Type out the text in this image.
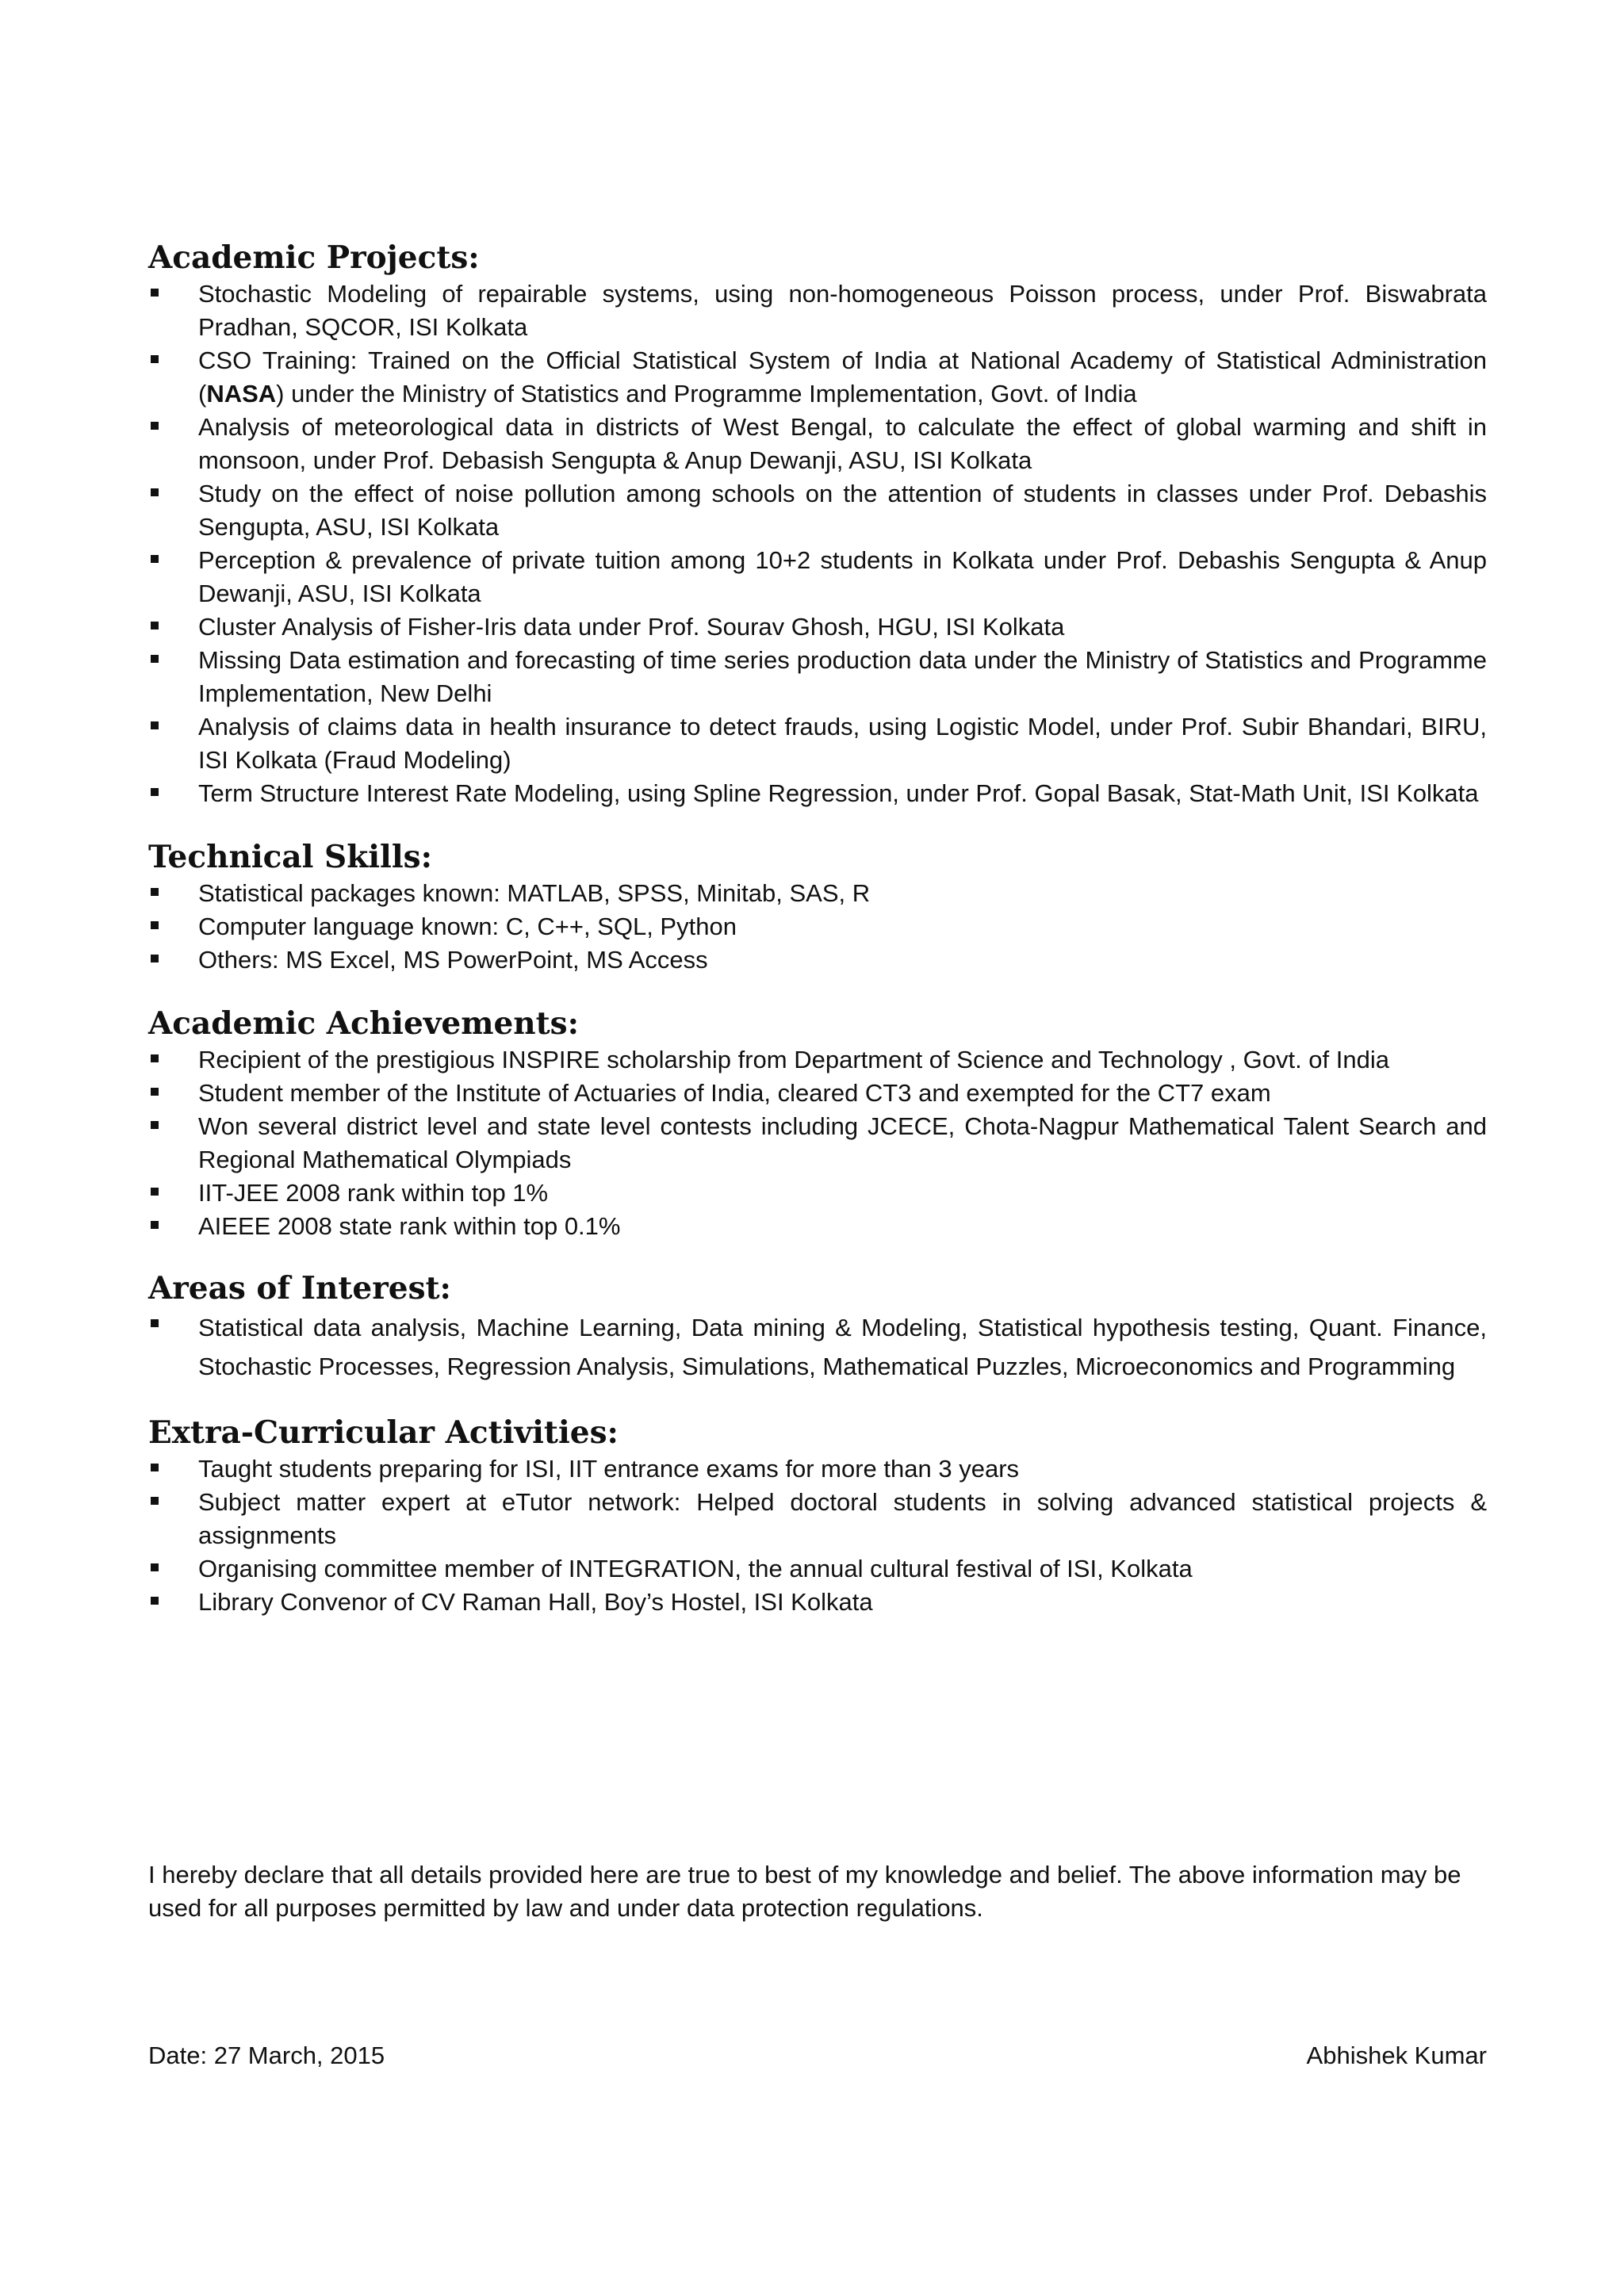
Academic Projects:
Stochastic Modeling of repairable systems, using non-homogeneous Poisson process, under Prof. Biswabrata Pradhan, SQCOR, ISI Kolkata
CSO Training: Trained on the Official Statistical System of India at National Academy of Statistical Administration (NASA) under the Ministry of Statistics and Programme Implementation, Govt. of India
Analysis of meteorological data in districts of West Bengal, to calculate the effect of global warming and shift in monsoon, under Prof. Debasish Sengupta & Anup Dewanji, ASU, ISI Kolkata
Study on the effect of noise pollution among schools on the attention of students in classes under Prof. Debashis Sengupta, ASU, ISI Kolkata
Perception & prevalence of private tuition among 10+2 students in Kolkata under Prof. Debashis Sengupta & Anup Dewanji, ASU, ISI Kolkata
Cluster Analysis of Fisher-Iris data under Prof. Sourav Ghosh, HGU, ISI Kolkata
Missing Data estimation and forecasting of time series production data under the Ministry of Statistics and Programme Implementation, New Delhi
Analysis of claims data in health insurance to detect frauds, using Logistic Model, under Prof. Subir Bhandari, BIRU, ISI Kolkata (Fraud Modeling)
Term Structure Interest Rate Modeling, using Spline Regression, under Prof. Gopal Basak, Stat-Math Unit, ISI Kolkata
Technical Skills:
Statistical packages known: MATLAB, SPSS, Minitab, SAS, R
Computer language known: C, C++, SQL, Python
Others: MS Excel, MS PowerPoint, MS Access
Academic Achievements:
Recipient of the prestigious INSPIRE scholarship from Department of Science and Technology , Govt. of India
Student member of the Institute of Actuaries of India, cleared CT3 and exempted for the CT7 exam
Won several district level and state level contests including JCECE, Chota-Nagpur Mathematical Talent Search and Regional Mathematical Olympiads
IIT-JEE 2008 rank within top 1%
AIEEE 2008 state rank within top 0.1%
Areas of Interest:
Statistical data analysis, Machine Learning, Data mining & Modeling, Statistical hypothesis testing, Quant. Finance, Stochastic Processes, Regression Analysis, Simulations, Mathematical Puzzles, Microeconomics and Programming
Extra-Curricular Activities:
Taught students preparing for ISI, IIT entrance exams for more than 3 years
Subject matter expert at eTutor network: Helped doctoral students in solving advanced statistical projects & assignments
Organising committee member of INTEGRATION, the annual cultural festival of ISI, Kolkata
Library Convenor of CV Raman Hall, Boy’s Hostel, ISI Kolkata

I hereby declare that all details provided here are true to best of my knowledge and belief. The above information may be used for all purposes permitted by law and under data protection regulations.

Date: 27 March, 2015	Abhishek Kumar
